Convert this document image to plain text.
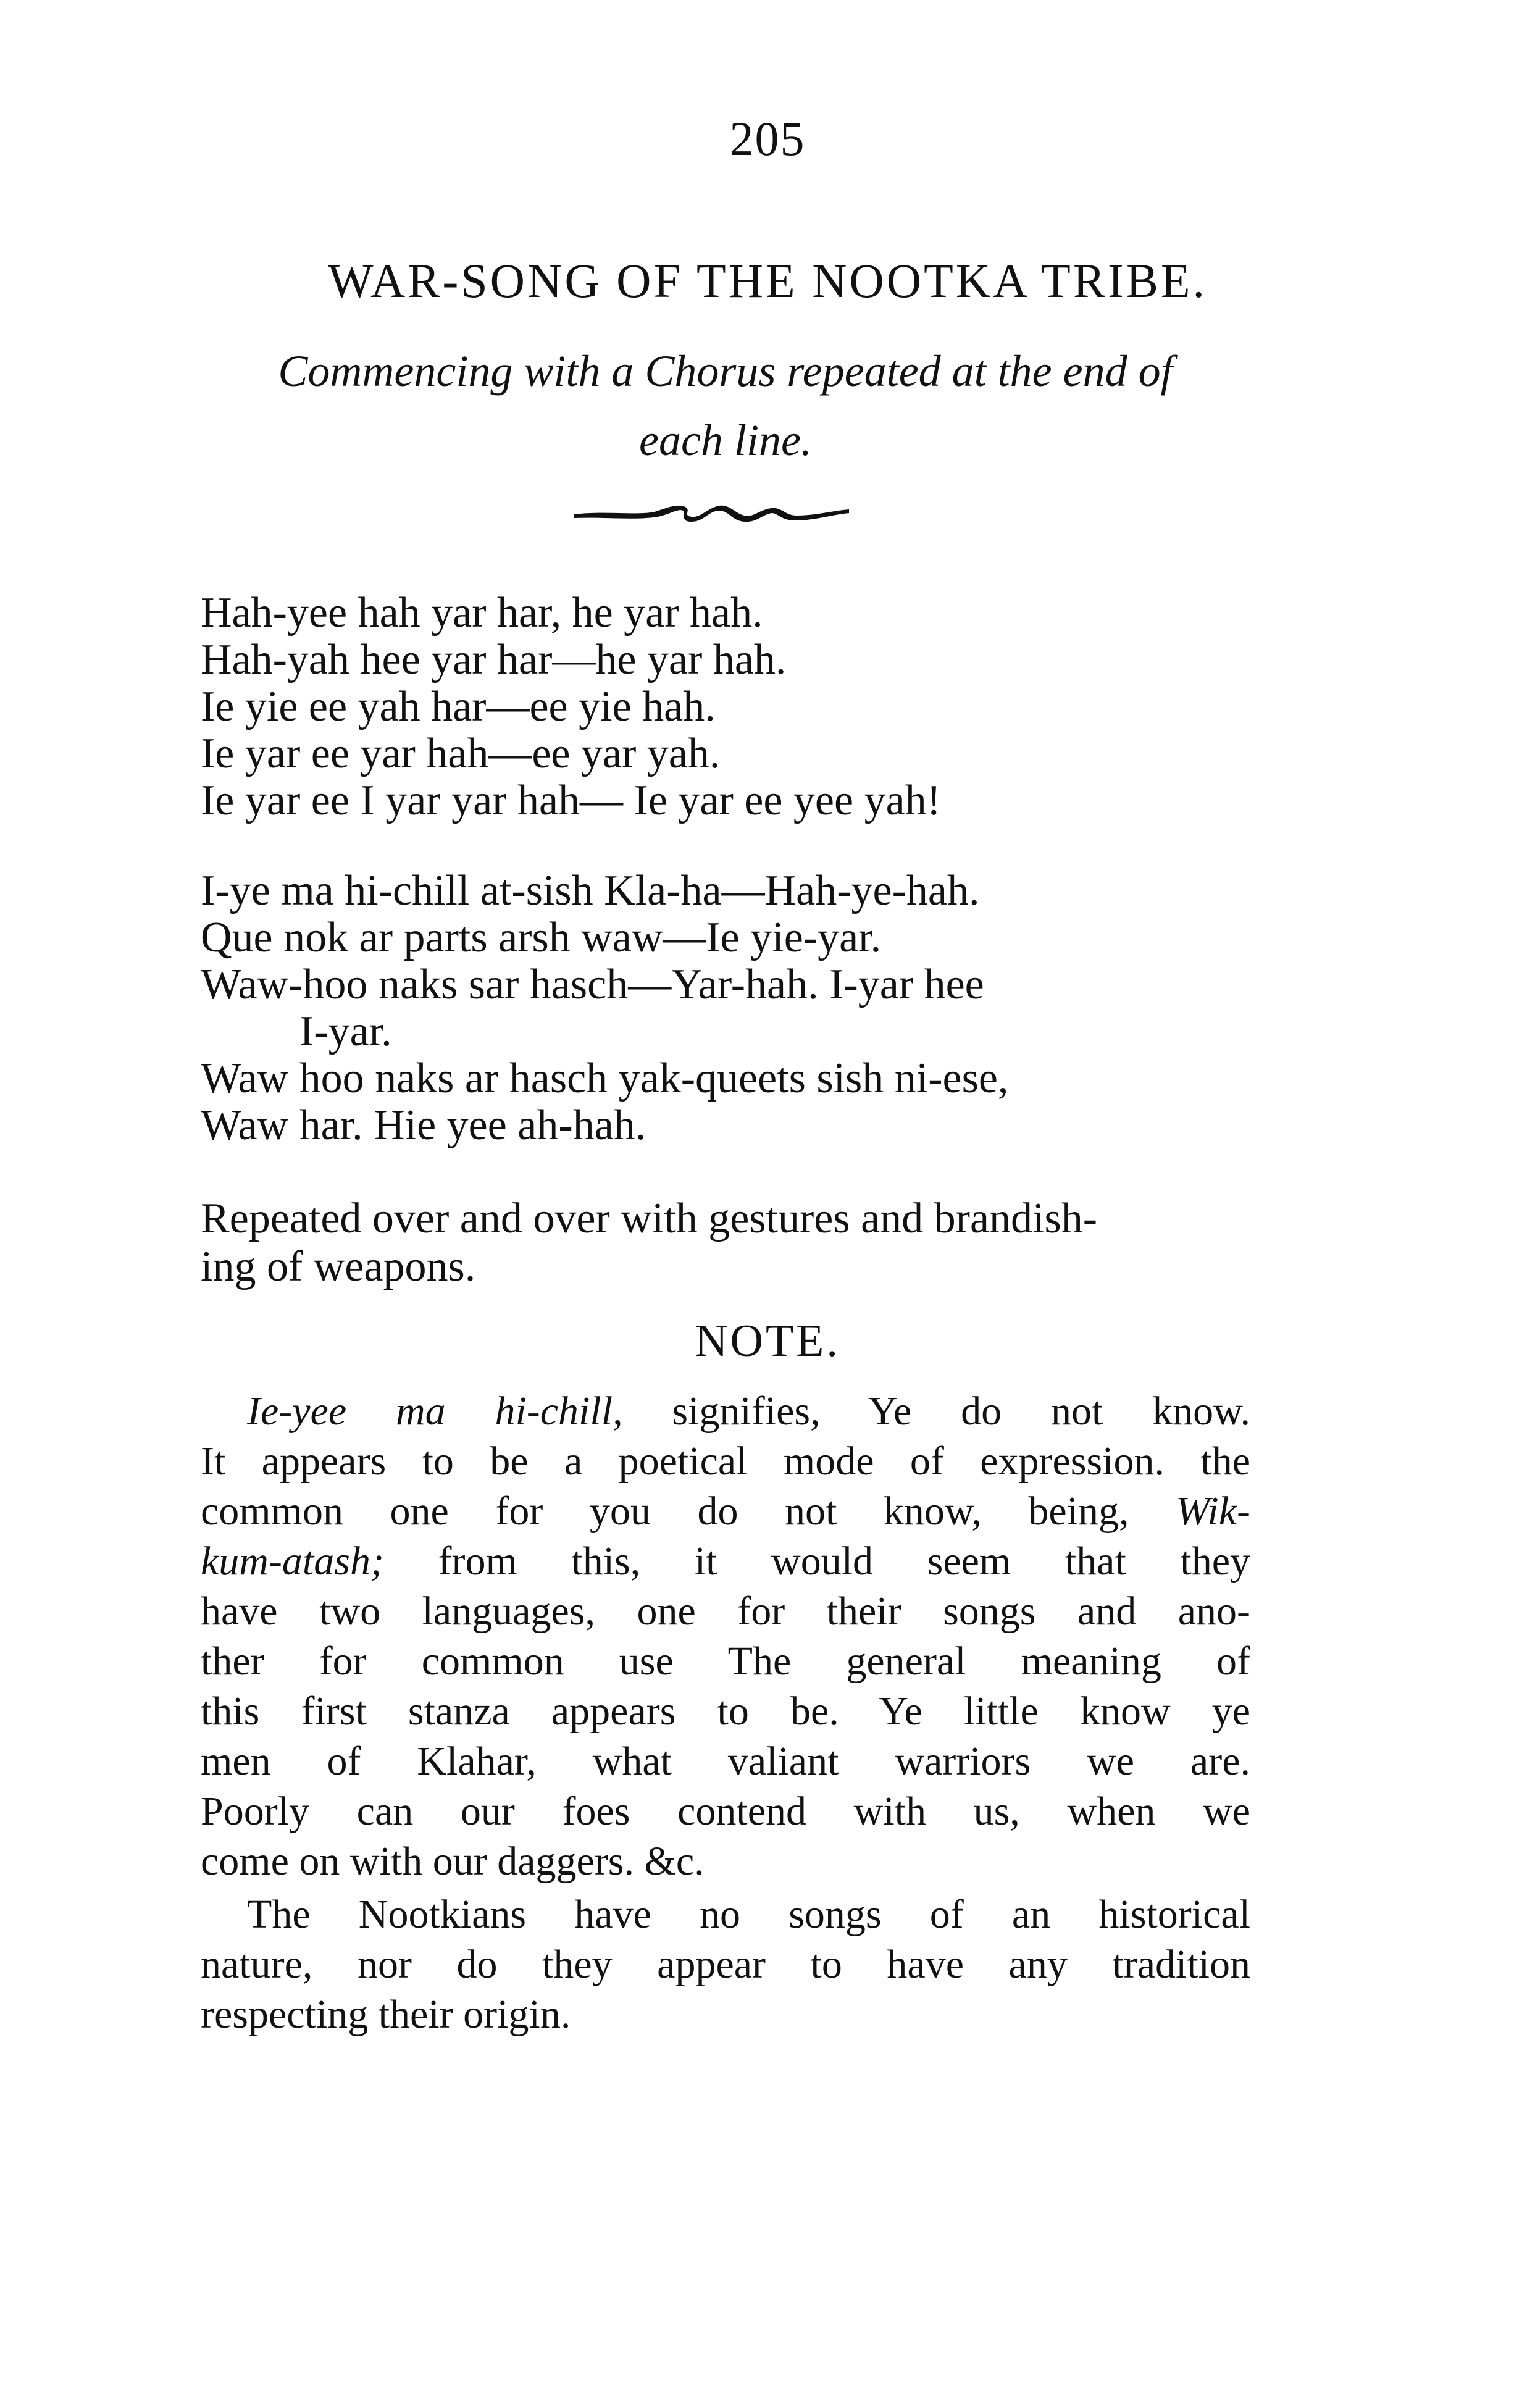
205
WAR-SONG OF THE NOOTKA TRIBE.
Commencing with a Chorus repeated at the end of
each line.
Hah-yee hah yar har, he yar hah.
Hah-yah hee yar har—he yar hah.
Ie yie ee yah har—ee yie hah.
Ie yar ee yar hah—ee yar yah.
Ie yar ee I yar yar hah— Ie yar ee yee yah!
I-ye ma hi-chill at-sish Kla-ha—Hah-ye-hah.
Que nok ar parts arsh waw—Ie yie-yar.
Waw-hoo naks sar hasch—Yar-hah. I-yar hee
I-yar.
Waw hoo naks ar hasch yak-queets sish ni-ese,
Waw har. Hie yee ah-hah.
Repeated over and over with gestures and brandish-
ing of weapons.
NOTE.
Ie-yee ma hi-chill, signifies, Ye do not know.
It appears to be a poetical mode of expression. the
common one for you do not know, being, Wik-
kum-atash; from this, it would seem that they
have two languages, one for their songs and ano-
ther for common use The general meaning of
this first stanza appears to be. Ye little know ye
men of Klahar, what valiant warriors we are.
Poorly can our foes contend with us, when we
come on with our daggers. &c.
The Nootkians have no songs of an historical
nature, nor do they appear to have any tradition
respecting their origin.
